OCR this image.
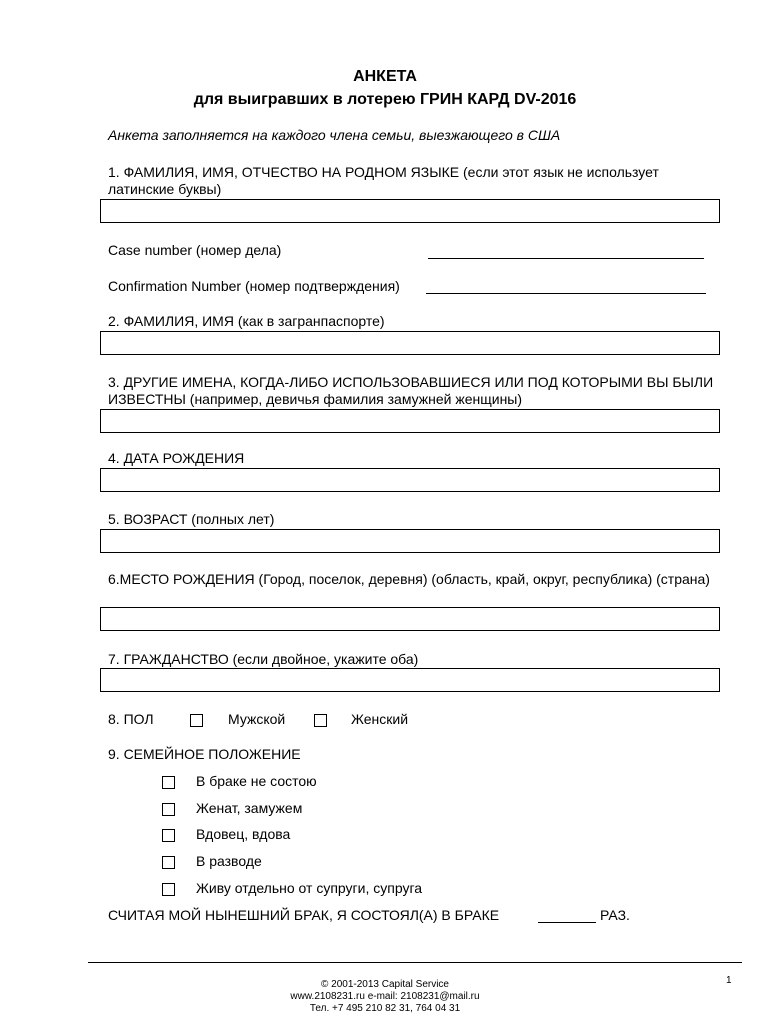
АНКЕТА
для выигравших в лотерею ГРИН КАРД DV-2016
Анкета заполняется на каждого члена семьи, выезжающего в США
1. ФАМИЛИЯ, ИМЯ, ОТЧЕСТВО НА РОДНОМ ЯЗЫКЕ (если этот язык не использует латинские буквы)
Case number (номер дела)
Confirmation Number (номер подтверждения)
2. ФАМИЛИЯ, ИМЯ (как в загранпаспорте)
3. ДРУГИЕ ИМЕНА, КОГДА-ЛИБО ИСПОЛЬЗОВАВШИЕСЯ ИЛИ ПОД КОТОРЫМИ ВЫ БЫЛИ ИЗВЕСТНЫ (например, девичья фамилия замужней женщины)
4. ДАТА РОЖДЕНИЯ
5. ВОЗРАСТ (полных лет)
6.МЕСТО РОЖДЕНИЯ (Город, поселок, деревня) (область, край, округ, республика) (страна)
7. ГРАЖДАНСТВО (если двойное, укажите оба)
8. ПОЛ	Мужской	Женский
9. СЕМЕЙНОЕ ПОЛОЖЕНИЕ
В браке не состою
Женат, замужем
Вдовец, вдова
В разводе
Живу отдельно от супруги, супруга
СЧИТАЯ МОЙ НЫНЕШНИЙ БРАК, Я СОСТОЯЛ(А) В БРАКЕ	РАЗ.
1
© 2001-2013 Capital Service
www.2108231.ru e-mail: 2108231@mail.ru
Тел. +7 495 210 82 31, 764 04 31
